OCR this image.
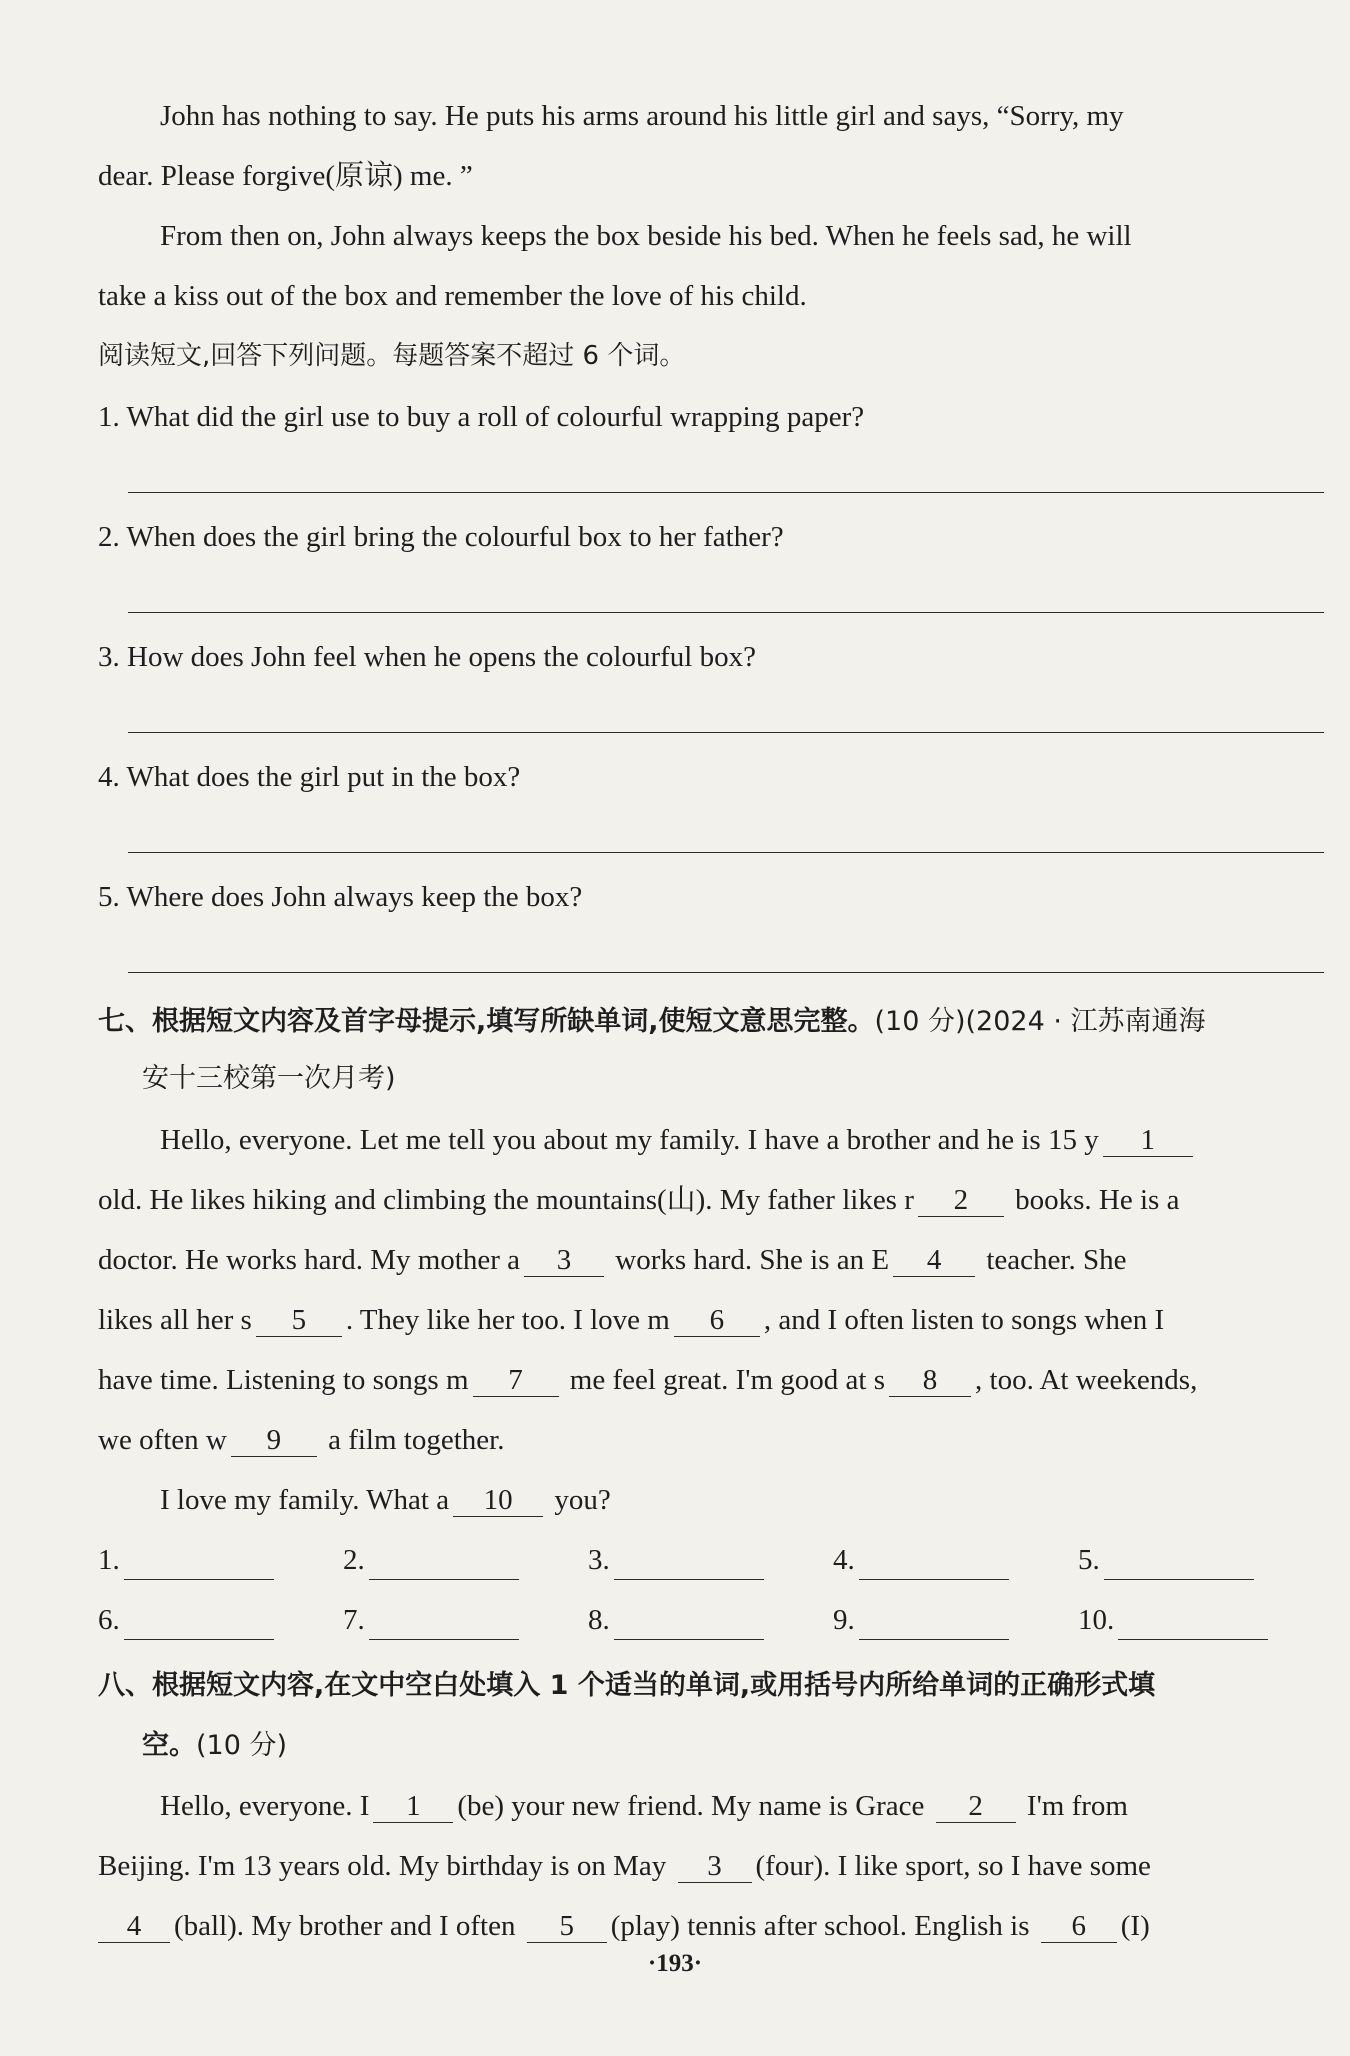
John has nothing to say. He puts his arms around his little girl and says, “Sorry, my
dear. Please forgive(原谅) me. ”
From then on, John always keeps the box beside his bed. When he feels sad, he will
take a kiss out of the box and remember the love of his child.
阅读短文,回答下列问题。每题答案不超过 6 个词。
1. What did the girl use to buy a roll of colourful wrapping paper?
2. When does the girl bring the colourful box to her father?
3. How does John feel when he opens the colourful box?
4. What does the girl put in the box?
5. Where does John always keep the box?
七、根据短文内容及首字母提示,填写所缺单词,使短文意思完整。(10 分)(2024 · 江苏南通海
安十三校第一次月考)
Hello, everyone. Let me tell you about my family. I have a brother and he is 15 y 1
old. He likes hiking and climbing the mountains(山). My father likes r 2 books. He is a
doctor. He works hard. My mother a 3 works hard. She is an E 4 teacher. She
likes all her s 5 . They like her too. I love m 6 , and I often listen to songs when I
have time. Listening to songs m 7 me feel great. I'm good at s 8 , too. At weekends,
we often w 9 a film together.
I love my family. What a 10 you?
1.	2.	3.	4.	5.
6.	7.	8.	9.	10.
八、根据短文内容,在文中空白处填入 1 个适当的单词,或用括号内所给单词的正确形式填
空。(10 分)
Hello, everyone. I 1 (be) your new friend. My name is Grace 2 I'm from
Beijing. I'm 13 years old. My birthday is on May 3 (four). I like sport, so I have some
4 (ball). My brother and I often 5 (play) tennis after school. English is 6 (I)
·193·
